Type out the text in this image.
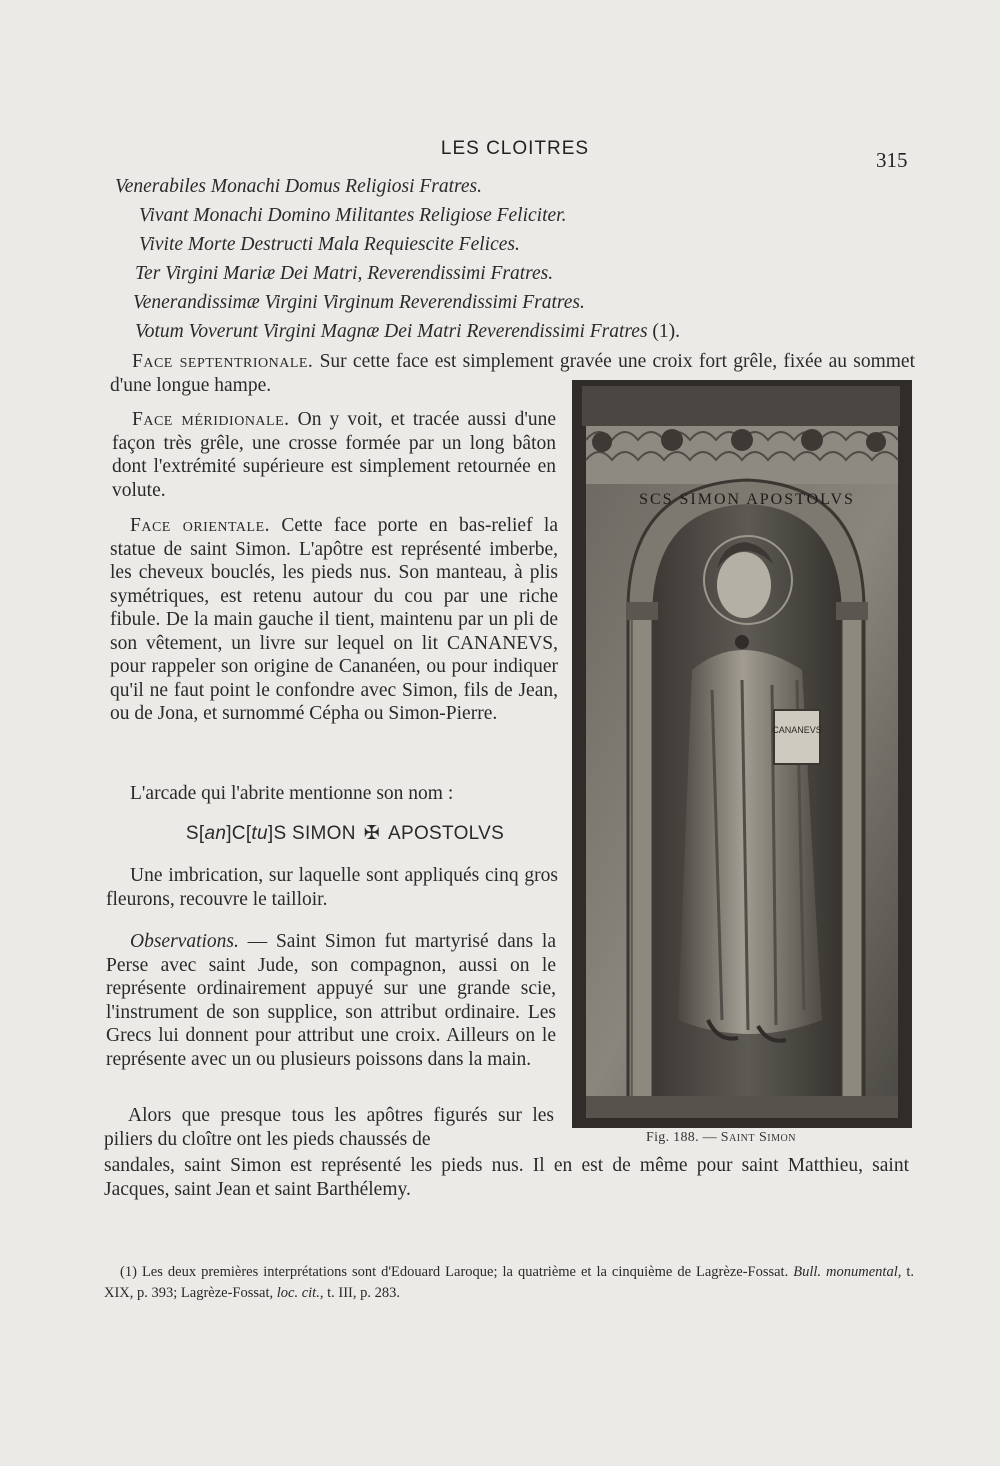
LES CLOITRES	315
Venerabiles Monachi Domus Religiosi Fratres.
Vivant Monachi Domino Militantes Religiose Feliciter.
Vivite Morte Destructi Mala Requiescite Felices.
Ter Virgini Mariæ Dei Matri, Reverendissimi Fratres.
Venerandissimæ Virgini Virginum Reverendissimi Fratres.
Votum Voverunt Virgini Magnæ Dei Matri Reverendissimi Fratres (1).
Face septentrionale. Sur cette face est simplement gravée une croix fort grêle, fixée au sommet d'une longue hampe.
Face méridionale. On y voit, et tracée aussi d'une façon très grêle, une crosse formée par un long bâton dont l'extrémité supérieure est simplement retournée en volute.
Face orientale. Cette face porte en bas-relief la statue de saint Simon. L'apôtre est représenté imberbe, les cheveux bouclés, les pieds nus. Son manteau, à plis symétriques, est retenu autour du cou par une riche fibule. De la main gauche il tient, maintenu par un pli de son vêtement, un livre sur lequel on lit CANANEVS, pour rappeler son origine de Cananéen, ou pour indiquer qu'il ne faut point le confondre avec Simon, fils de Jean, ou de Jona, et surnommé Cépha ou Simon-Pierre.
L'arcade qui l'abrite mentionne son nom :
S[an]C[tu]S SIMON ✠ APOSTOLVS
Une imbrication, sur laquelle sont appliqués cinq gros fleurons, recouvre le tailloir.
Observations. — Saint Simon fut martyrisé dans la Perse avec saint Jude, son compagnon, aussi on le représente ordinairement appuyé sur une grande scie, l'instrument de son supplice, son attribut ordinaire. Les Grecs lui donnent pour attribut une croix. Ailleurs on le représente avec un ou plusieurs poissons dans la main.
Alors que presque tous les apôtres figurés sur les piliers du cloître ont les pieds chaussés de
sandales, saint Simon est représenté les pieds nus. Il en est de même pour saint Matthieu, saint Jacques, saint Jean et saint Barthélemy.
SCS SIMON APOSTOLVS
CANANEVS
Fig. 188. — Saint Simon
(1) Les deux premières interprétations sont d'Edouard Laroque; la quatrième et la cinquième de Lagrèze-Fossat. Bull. monumental, t. XIX, p. 393; Lagrèze-Fossat, loc. cit., t. III, p. 283.
